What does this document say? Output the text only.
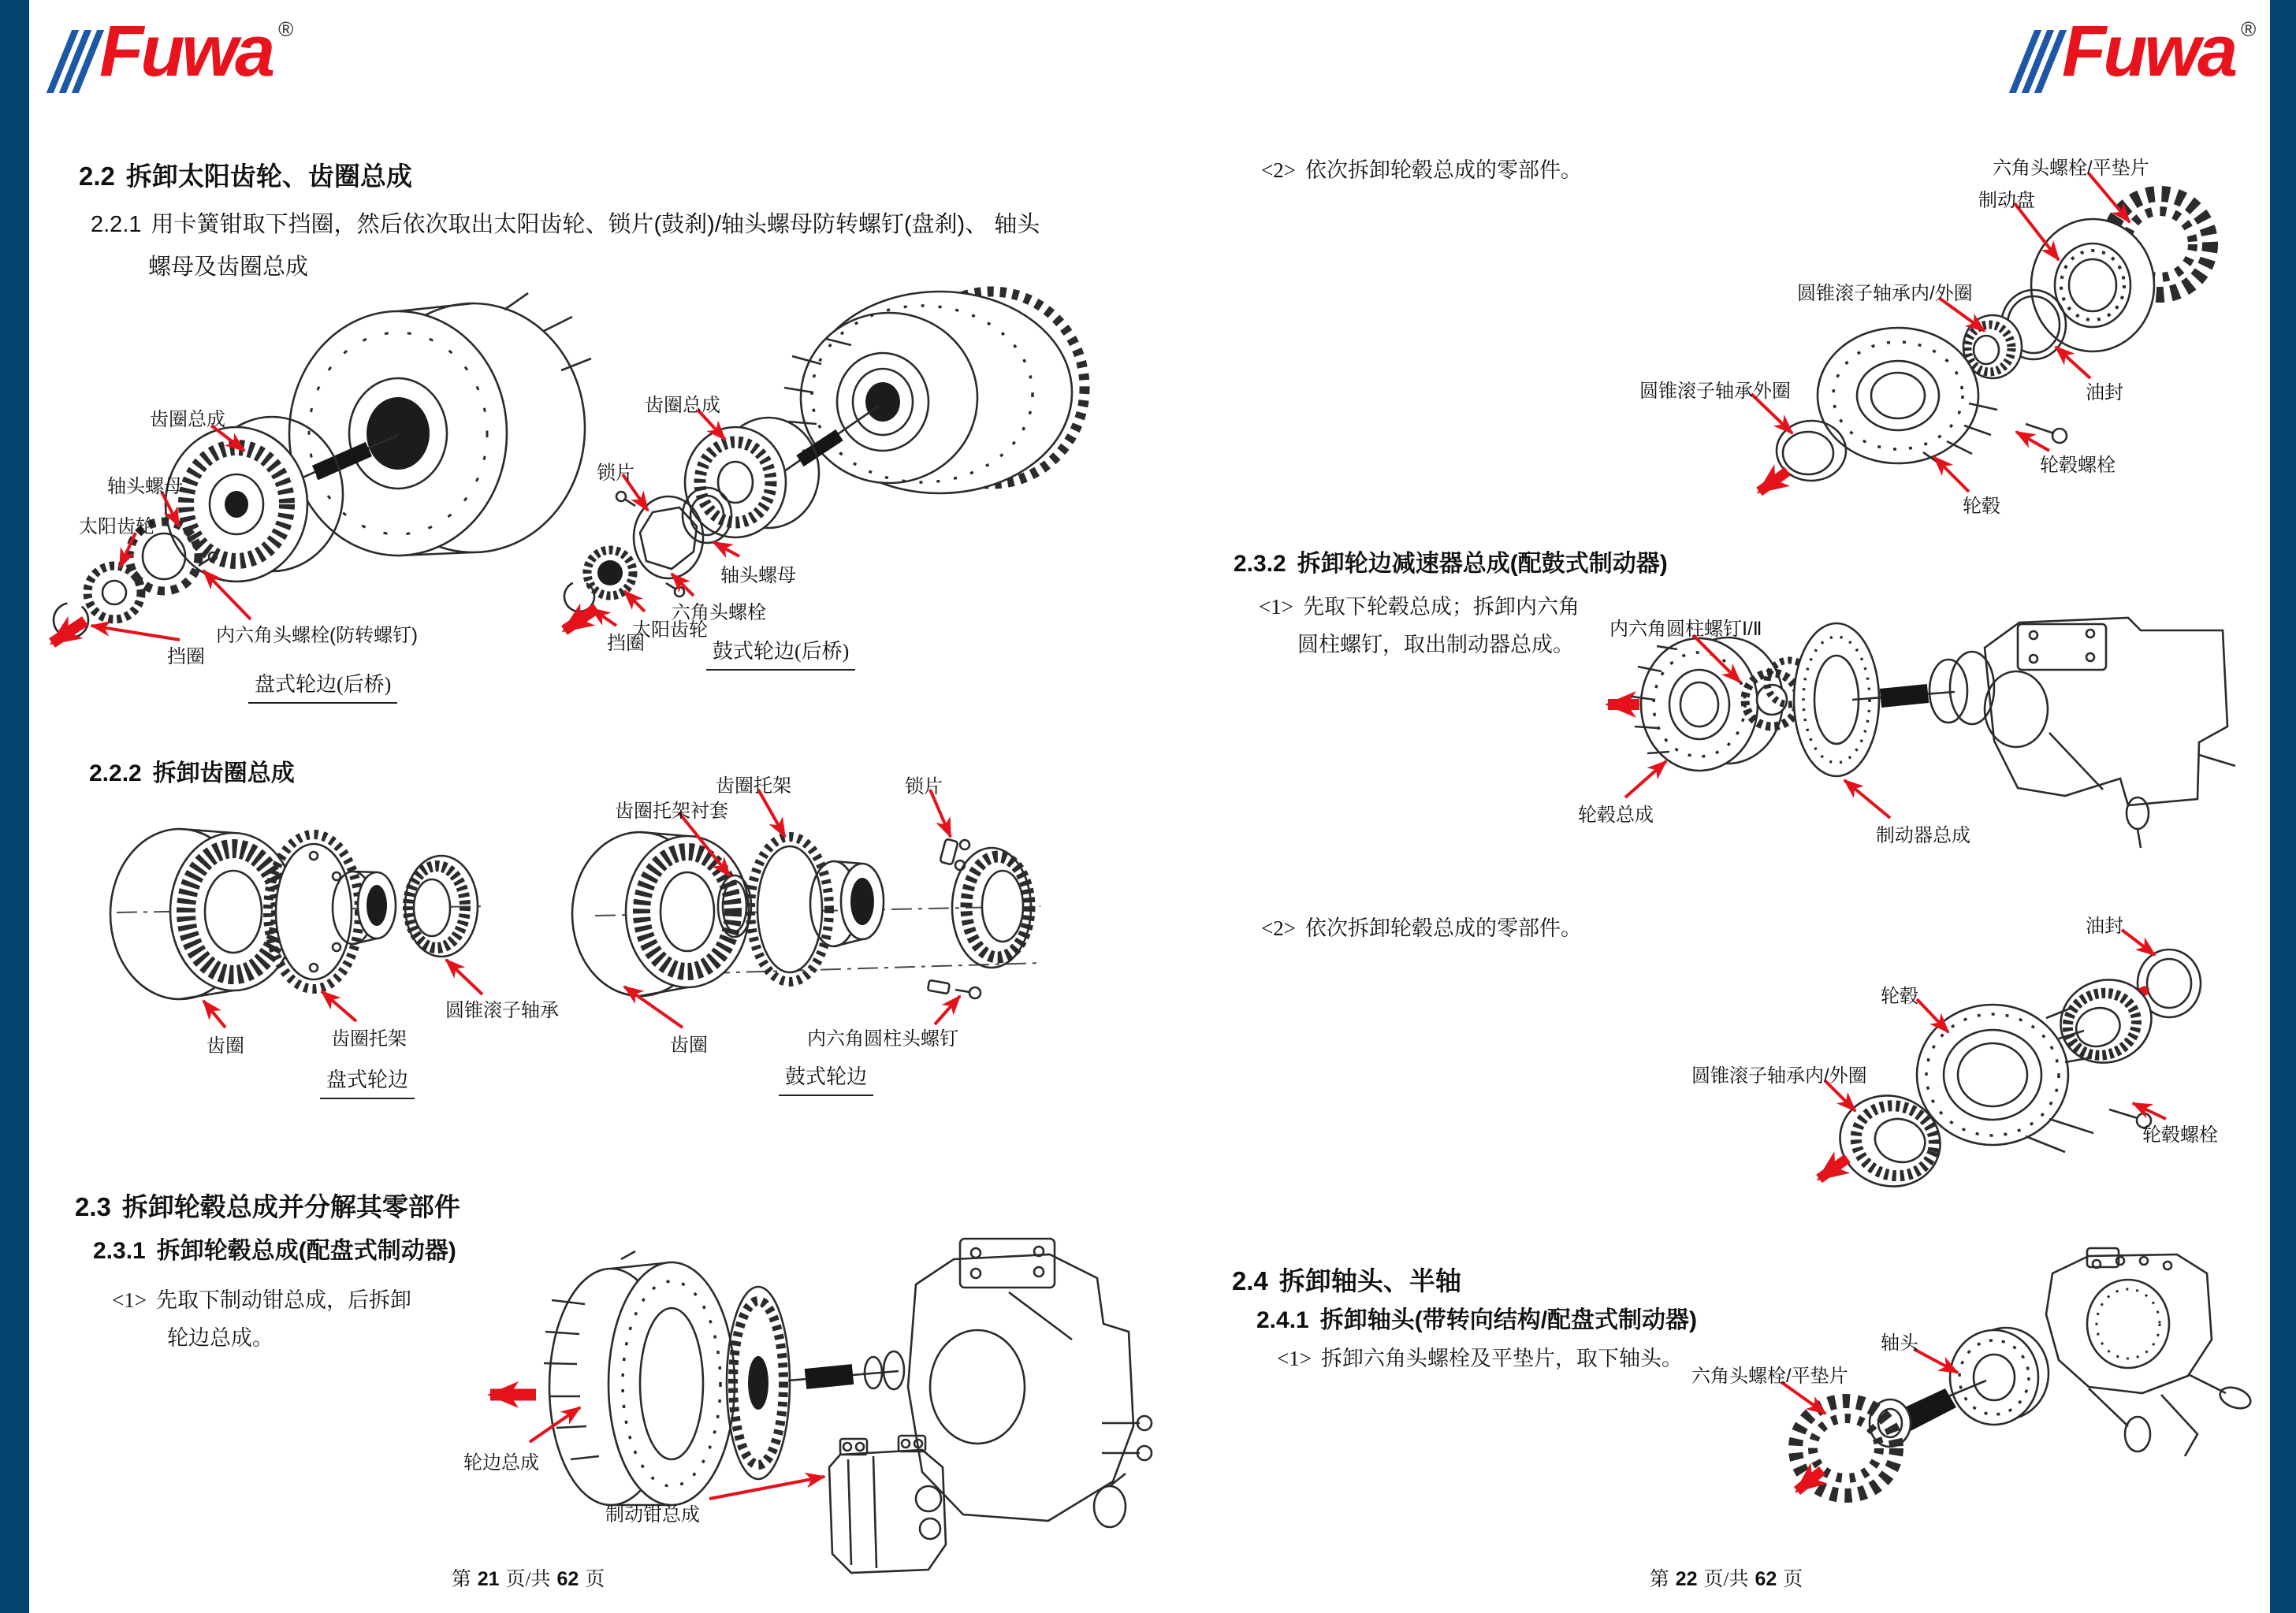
Fuwa ®	Fuwa ®
2.2 拆卸太阳齿轮、齿圈总成
2.2.1 用卡簧钳取下挡圈，然后依次取出太阳齿轮、锁片(鼓刹)/轴头螺母防转螺钉(盘刹)、 轴头
螺母及齿圈总成
齿圈总成
轴头螺母
太阳齿轮
内六角头螺栓(防转螺钉)
挡圈
盘式轮边(后桥)
齿圈总成
锁片
轴头螺母
六角头螺栓
太阳齿轮
挡圈	鼓式轮边(后桥)
2.2.2 拆卸齿圈总成
齿圈	齿圈托架
圆锥滚子轴承
盘式轮边
齿圈托架
齿圈托架衬套
锁片
齿圈	内六角圆柱头螺钉
鼓式轮边
2.3 拆卸轮毂总成并分解其零部件
2.3.1 拆卸轮毂总成(配盘式制动器)
<1> 先取下制动钳总成，后拆卸
轮边总成。
轮边总成
制动钳总成
第 21 页/共 62 页
<2> 依次拆卸轮毂总成的零部件。	六角头螺栓/平垫片
制动盘
圆锥滚子轴承内/外圈
圆锥滚子轴承外圈	油封
轮毂螺栓
轮毂
2.3.2 拆卸轮边减速器总成(配鼓式制动器)
<1> 先取下轮毂总成；拆卸内六角
圆柱螺钉，取出制动器总成。
内六角圆柱螺钉Ⅰ/Ⅱ
轮毂总成
制动器总成
<2> 依次拆卸轮毂总成的零部件。	油封
轮毂
圆锥滚子轴承内/外圈
轮毂螺栓
2.4 拆卸轴头、半轴
2.4.1 拆卸轴头(带转向结构/配盘式制动器)
<1> 拆卸六角头螺栓及平垫片，取下轴头。
轴头
六角头螺栓/平垫片
第 22 页/共 62 页
